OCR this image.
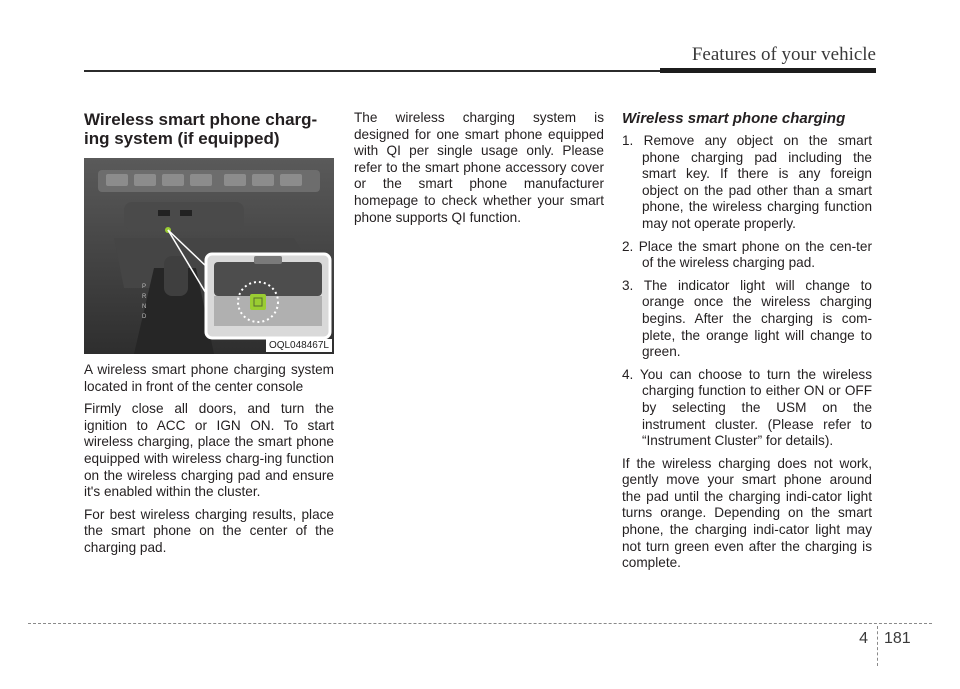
Features of your vehicle
Wireless smart phone charg-
ing system (if equipped)
P
R
N
D
OQL048467L

A wireless smart phone charging system located in front of the center console

Firmly close all doors, and turn the ignition to ACC or IGN ON. To start wireless charging, place the smart phone equipped with wireless charg-ing function on the wireless charging pad and ensure it's enabled within the cluster.

For best wireless charging results, place the smart phone on the center of the charging pad.

The wireless charging system is designed for one smart phone equipped with QI per single usage only. Please refer to the smart phone accessory cover or the smart phone manufacturer homepage to check whether your smart phone supports QI function.

Wireless smart phone charging
1. Remove any object on the smart phone charging pad including the smart key. If there is any foreign object on the pad other than a smart phone, the wireless charging function may not operate properly.
2. Place the smart phone on the cen-ter of the wireless charging pad.
3. The indicator light will change to orange once the wireless charging begins. After the charging is com-plete, the orange light will change to green.
4. You can choose to turn the wireless charging function to either ON or OFF by selecting the USM on the instrument cluster. (Please refer to “Instrument Cluster” for details).

If the wireless charging does not work, gently move your smart phone around the pad until the charging indi-cator light turns orange. Depending on the smart phone, the charging indi-cator light may not turn green even after the charging is complete.

4 181
